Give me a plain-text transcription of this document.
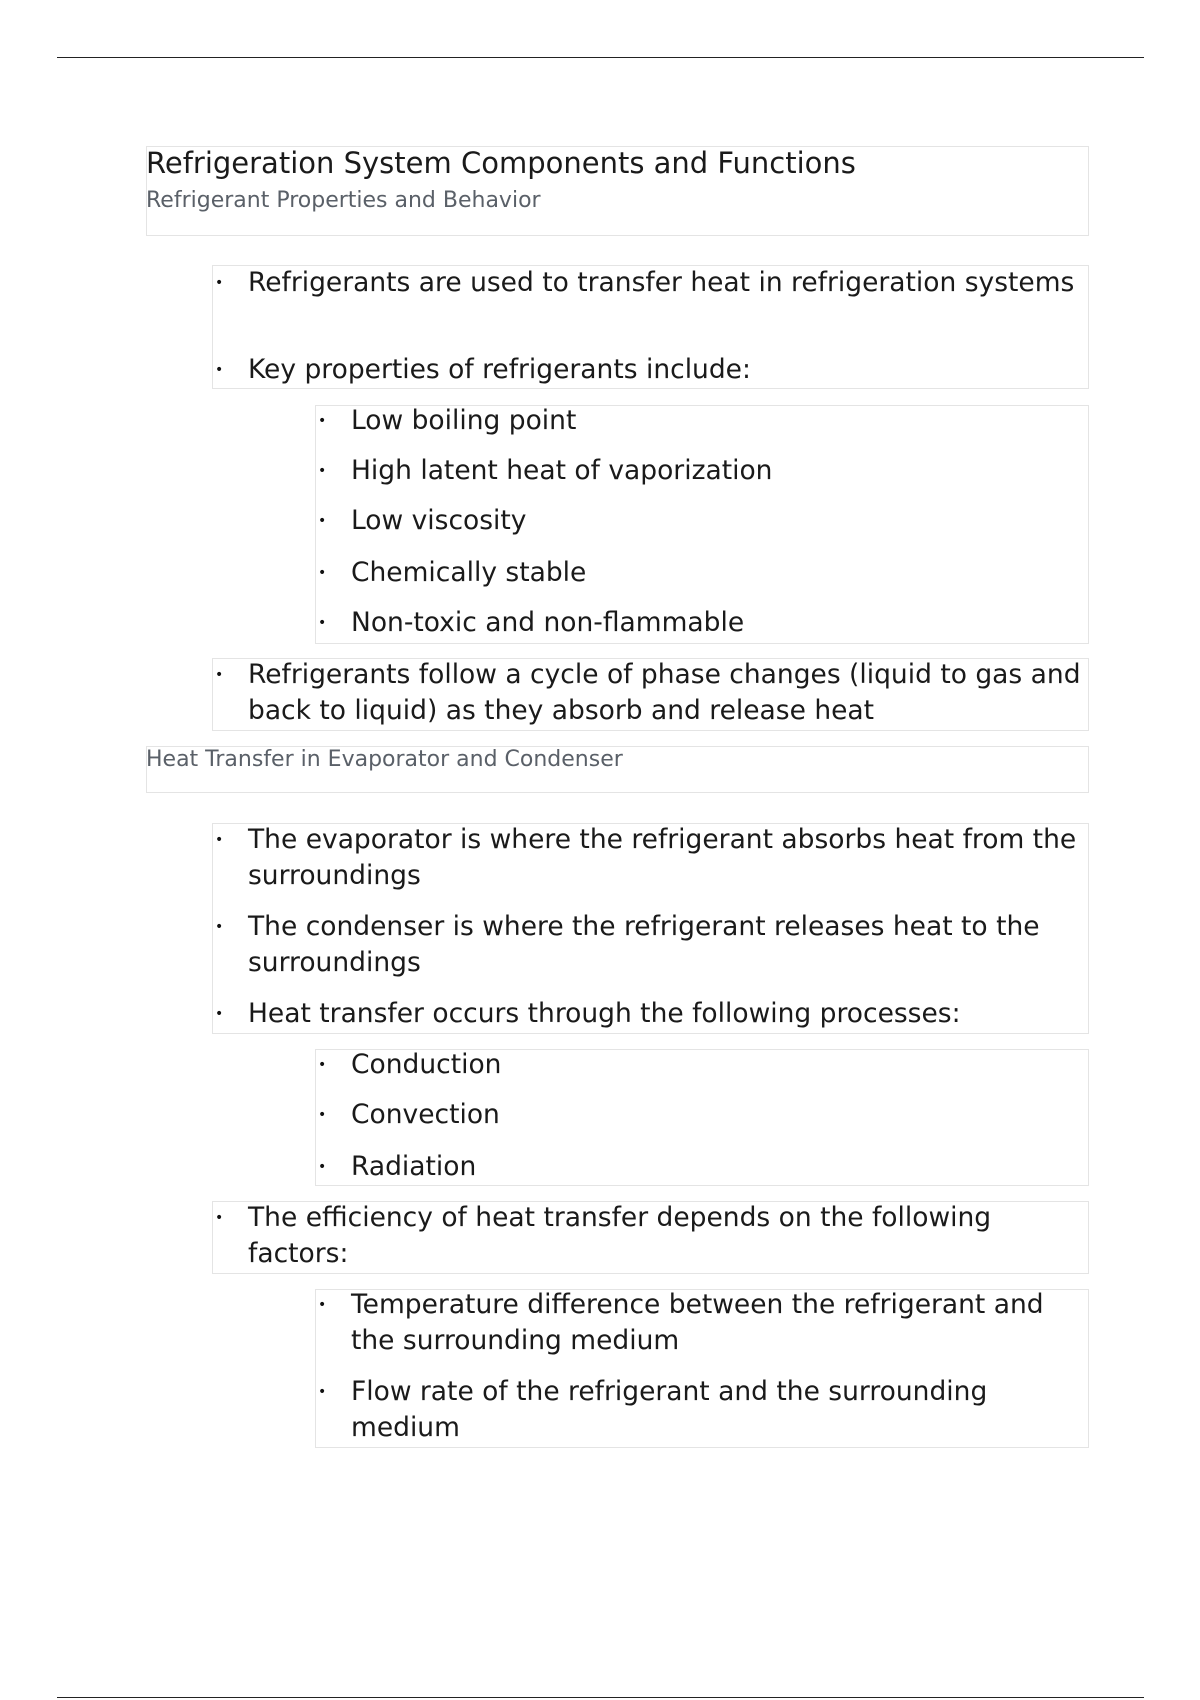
Refrigeration System Components and Functions
Refrigerant Properties and Behavior
• Refrigerants are used to transfer heat in refrigeration systems
• Key properties of refrigerants include:
• Low boiling point
• High latent heat of vaporization
• Low viscosity
• Chemically stable
• Non-toxic and non-flammable
• Refrigerants follow a cycle of phase changes (liquid to gas and back to liquid) as they absorb and release heat
Heat Transfer in Evaporator and Condenser
• The evaporator is where the refrigerant absorbs heat from the surroundings
• The condenser is where the refrigerant releases heat to the surroundings
• Heat transfer occurs through the following processes:
• Conduction
• Convection
• Radiation
• The efficiency of heat transfer depends on the following factors:
• Temperature difference between the refrigerant and the surrounding medium
• Flow rate of the refrigerant and the surrounding medium
